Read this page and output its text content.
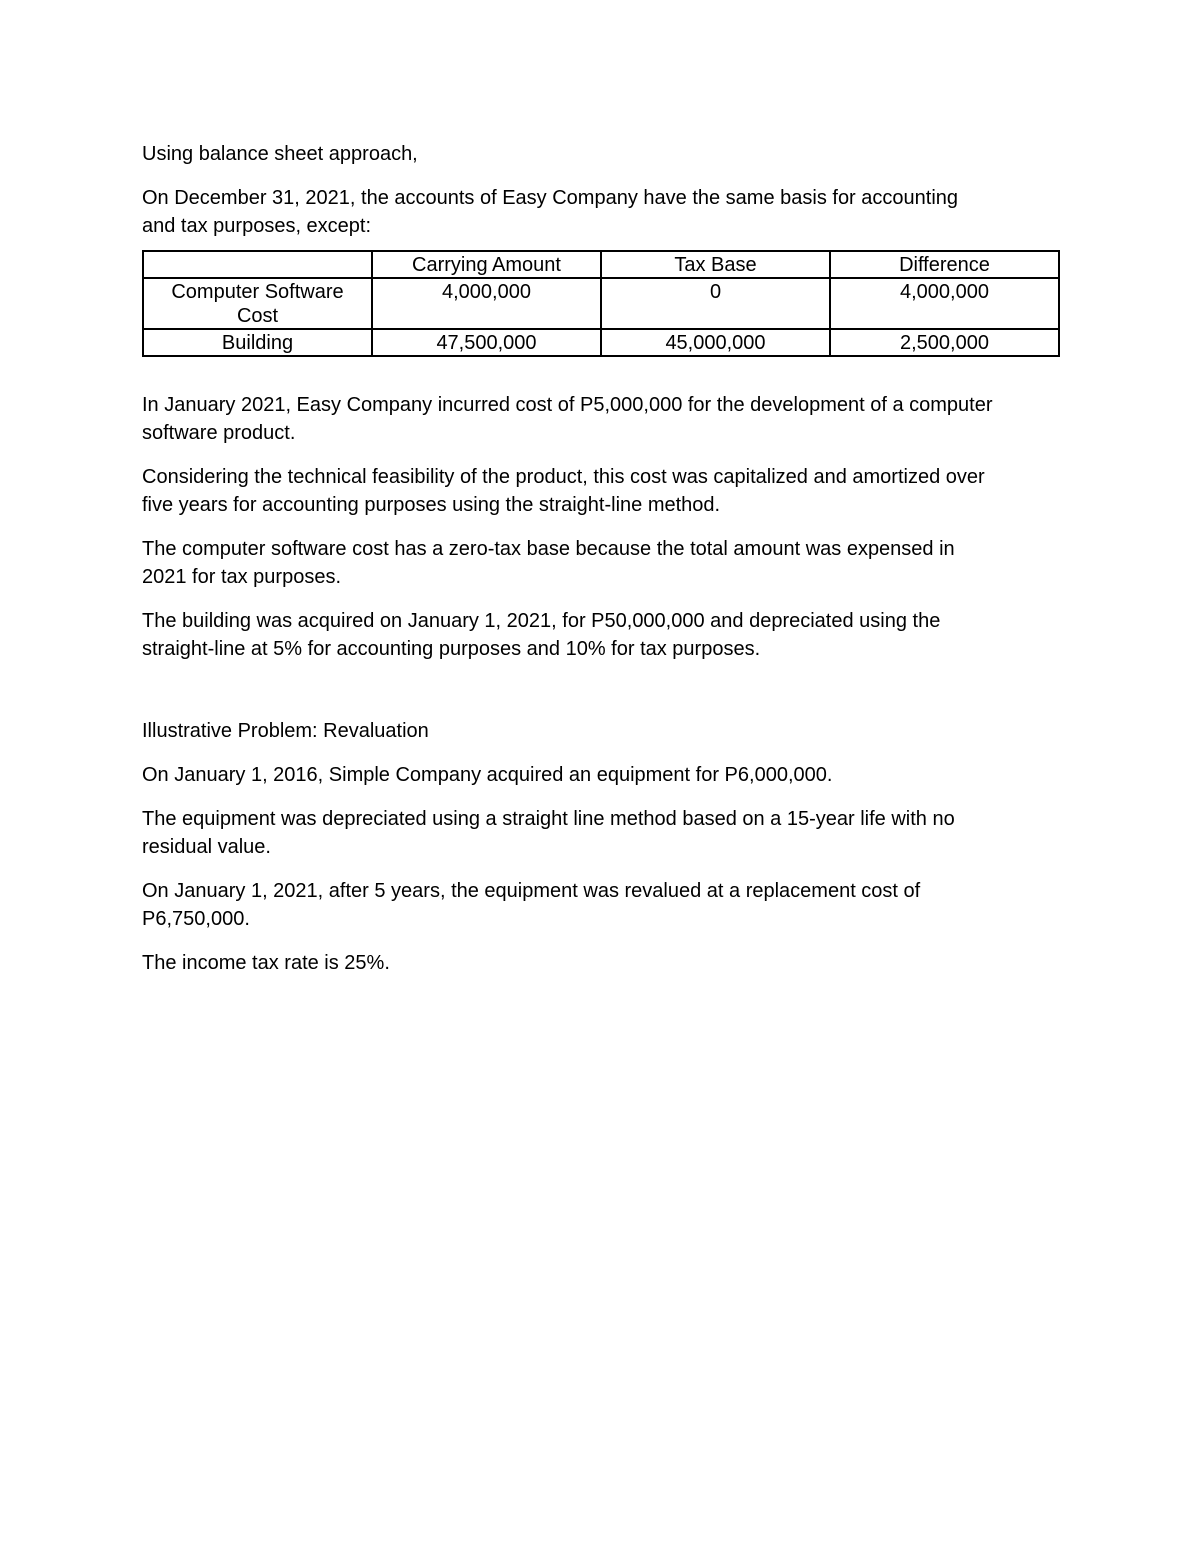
Using balance sheet approach,

On December 31, 2021, the accounts of Easy Company have the same basis for accounting

and tax purposes, except:

	Carrying Amount	Tax Base	Difference

Computer Software
Cost	4,000,000	0	4,000,000
Building	47,500,000	45,000,000	2,500,000

In January 2021, Easy Company incurred cost of P5,000,000 for the development of a computer

software product.

Considering the technical feasibility of the product, this cost was capitalized and amortized over

five years for accounting purposes using the straight-line method.

The computer software cost has a zero-tax base because the total amount was expensed in

2021 for tax purposes.

The building was acquired on January 1, 2021, for P50,000,000 and depreciated using the

straight-line at 5% for accounting purposes and 10% for tax purposes.

Illustrative Problem: Revaluation

On January 1, 2016, Simple Company acquired an equipment for P6,000,000.

The equipment was depreciated using a straight line method based on a 15-year life with no

residual value.

On January 1, 2021, after 5 years, the equipment was revalued at a replacement cost of

P6,750,000.

The income tax rate is 25%.
